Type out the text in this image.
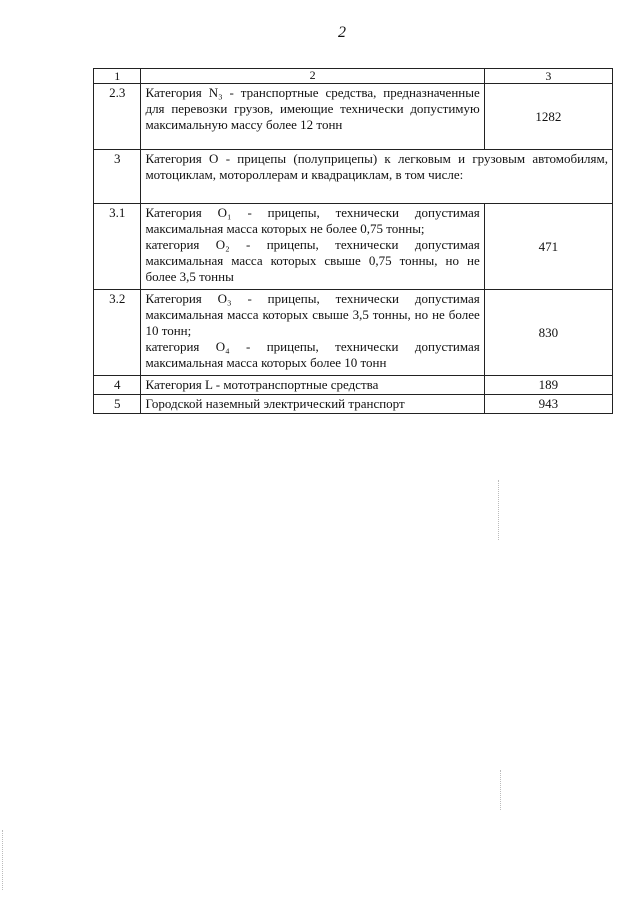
2
1	2	3
2.3	Категория N₃ - транспортные средства, предназначенные для перевозки грузов, имеющие технически допустимую максимальную массу более 12 тонн	1282
3	Категория О - прицепы (полуприцепы) к легковым и грузовым автомобилям, мотоциклам, мотороллерам и квадрациклам, в том числе:	

3.1	Категория О₁ - прицепы, технически допустимая максимальная масса которых не более 0,75 тонны;
категория О₂ - прицепы, технически допустимая максимальная масса которых свыше 0,75 тонны, но не более 3,5 тонны	471
3.2	Категория О₃ - прицепы, технически допустимая максимальная масса которых свыше 3,5 тонны, но не более 10 тонн;
категория О₄ - прицепы, технически допустимая максимальная масса которых более 10 тонн	830
4	Категория L - мототранспортные средства	189
5	Городской наземный электрический транспорт	943
